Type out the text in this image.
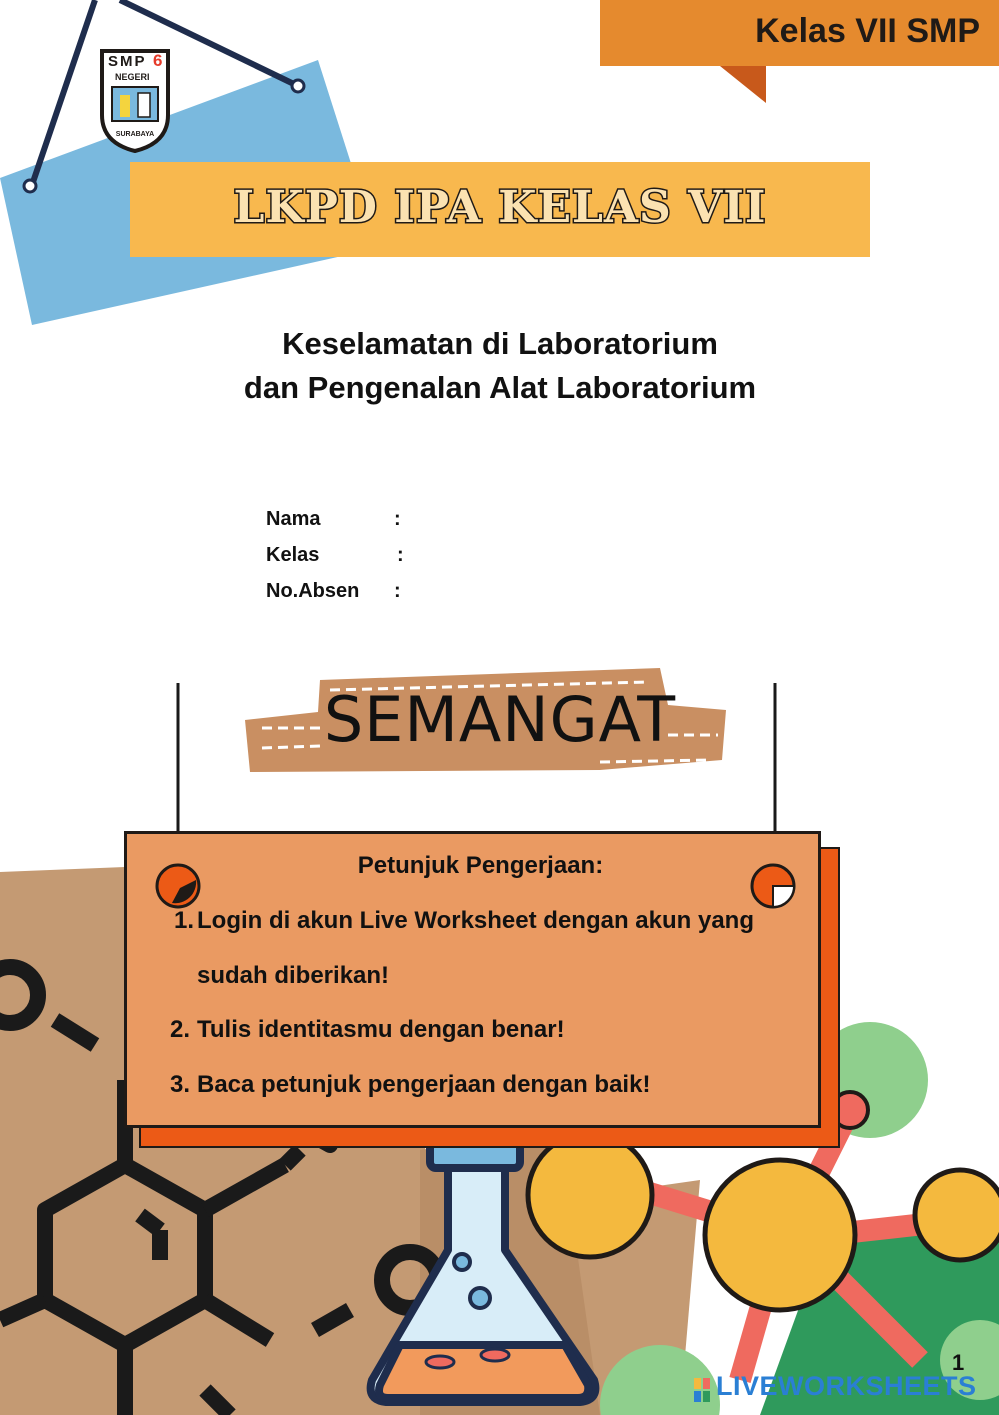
Kelas VII SMP
SMP 6
NEGERI
SURABAYA
LKPD IPA KELAS VII
Keselamatan di Laboratorium
dan Pengenalan Alat Laboratorium
Nama	:
Kelas	:
No.Absen :
SEMANGAT
Petunjuk Pengerjaan:
1. Login di akun Live Worksheet dengan akun yang
sudah diberikan!
2. Tulis identitasmu dengan benar!
3. Baca petunjuk pengerjaan dengan baik!
1
LIVEWORKSHEETS
